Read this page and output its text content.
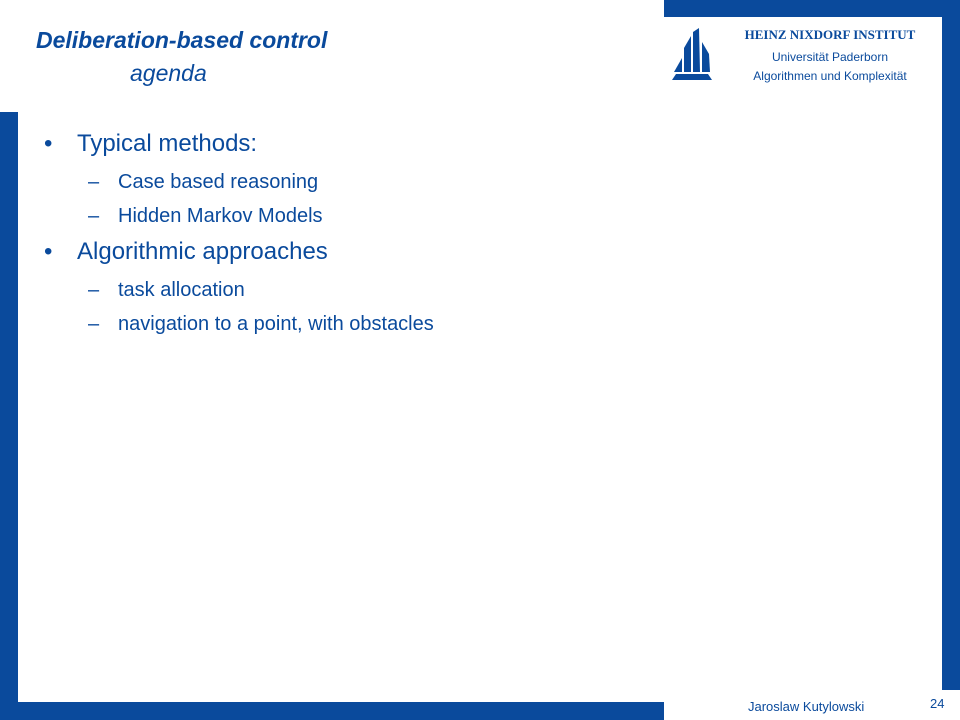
Deliberation-based control
agenda
HEINZ NIXDORF INSTITUT
Universität Paderborn
Algorithmen und Komplexität
• Typical methods:
– Case based reasoning
– Hidden Markov Models
• Algorithmic approaches
– task allocation
– navigation to a point, with obstacles
Jaroslaw Kutylowski	24
